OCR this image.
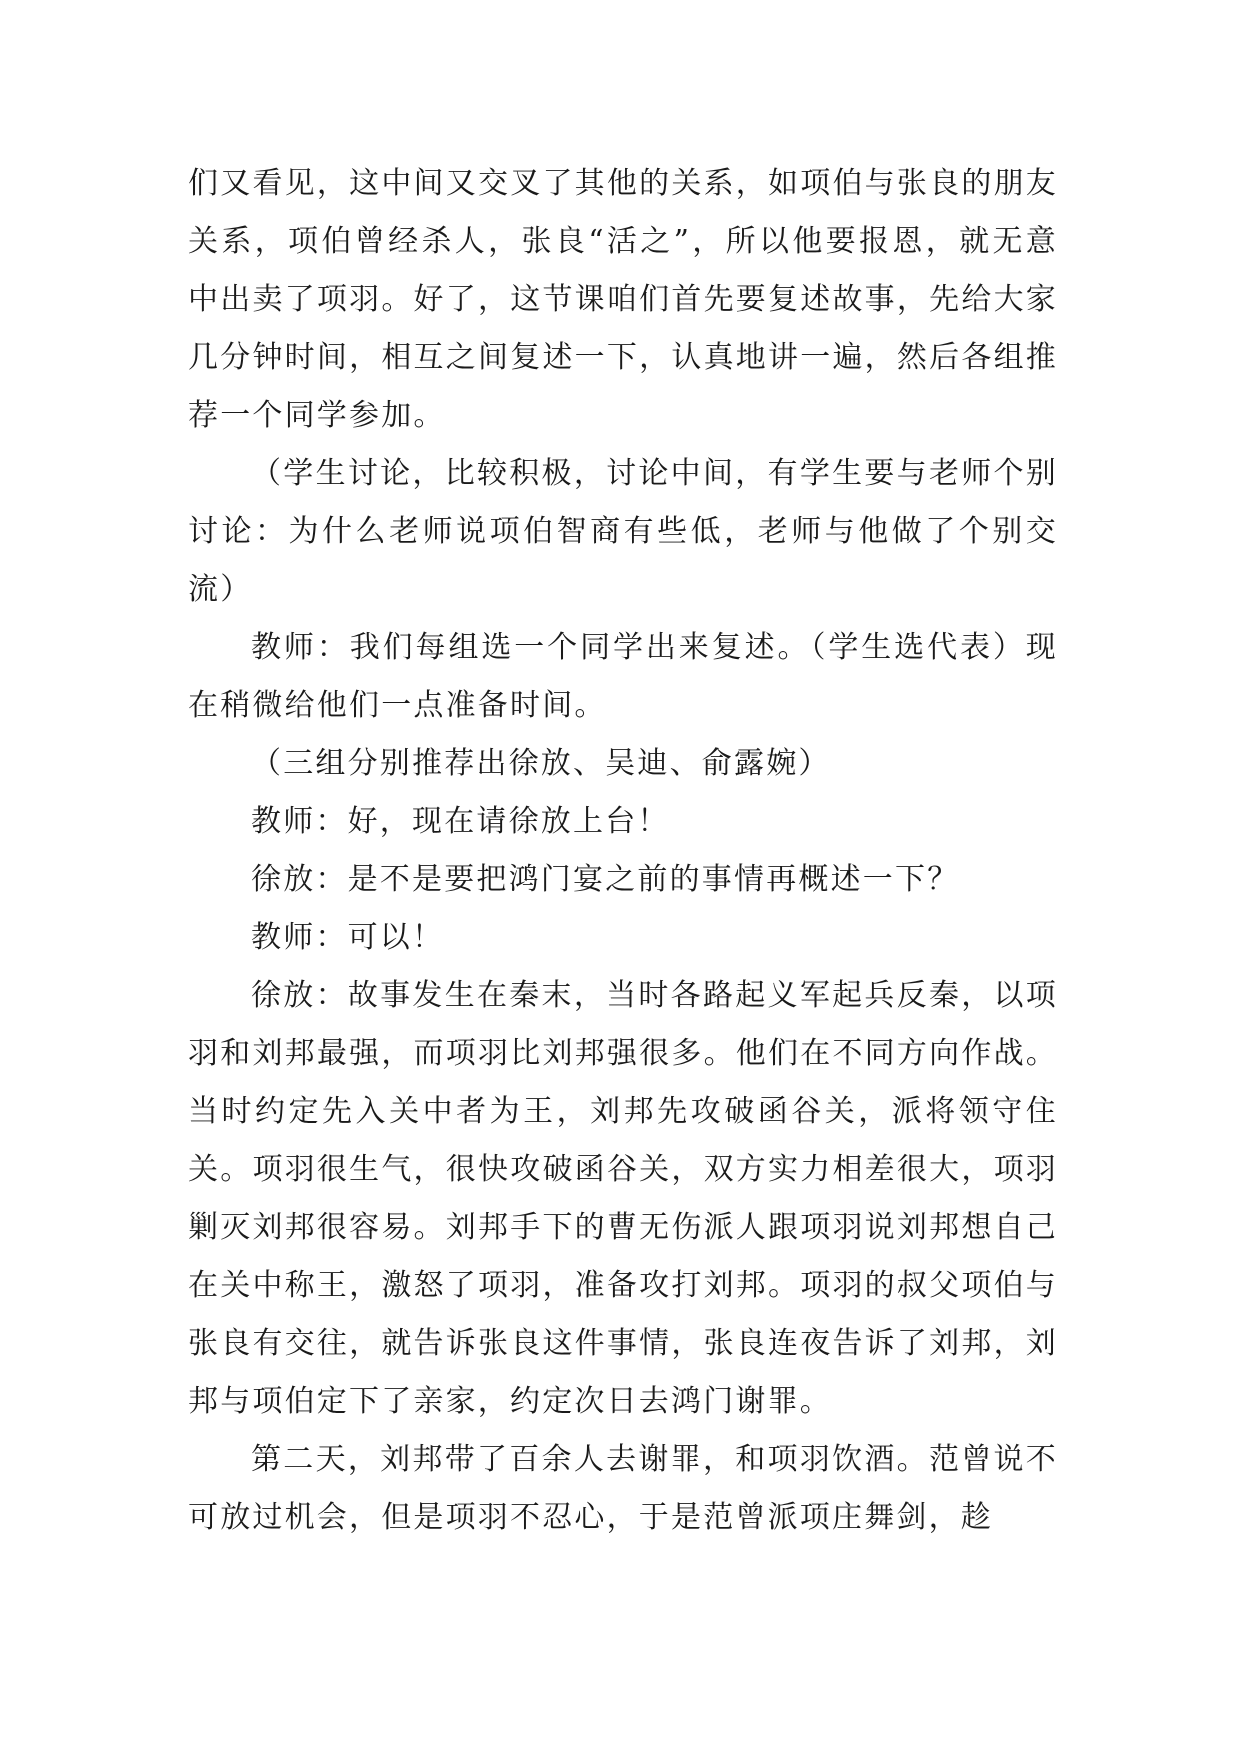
们又看见，这中间又交叉了其他的关系，如项伯与张良的朋友关系，项伯曾经杀人，张良“活之”，所以他要报恩，就无意中出卖了项羽。好了，这节课咱们首先要复述故事，先给大家几分钟时间，相互之间复述一下，认真地讲一遍，然后各组推荐一个同学参加。

（学生讨论，比较积极，讨论中间，有学生要与老师个别讨论：为什么老师说项伯智商有些低，老师与他做了个别交流）

教师：我们每组选一个同学出来复述。（学生选代表）现在稍微给他们一点准备时间。

（三组分别推荐出徐放、吴迪、俞露婉）

教师：好，现在请徐放上台！

徐放：是不是要把鸿门宴之前的事情再概述一下？

教师：可以！

徐放：故事发生在秦末，当时各路起义军起兵反秦，以项羽和刘邦最强，而项羽比刘邦强很多。他们在不同方向作战。当时约定先入关中者为王，刘邦先攻破函谷关，派将领守住关。项羽很生气，很快攻破函谷关，双方实力相差很大，项羽剿灭刘邦很容易。刘邦手下的曹无伤派人跟项羽说刘邦想自己在关中称王，激怒了项羽，准备攻打刘邦。项羽的叔父项伯与张良有交往，就告诉张良这件事情，张良连夜告诉了刘邦，刘邦与项伯定下了亲家，约定次日去鸿门谢罪。

第二天，刘邦带了百余人去谢罪，和项羽饮酒。范曾说不可放过机会，但是项羽不忍心，于是范曾派项庄舞剑，趁
